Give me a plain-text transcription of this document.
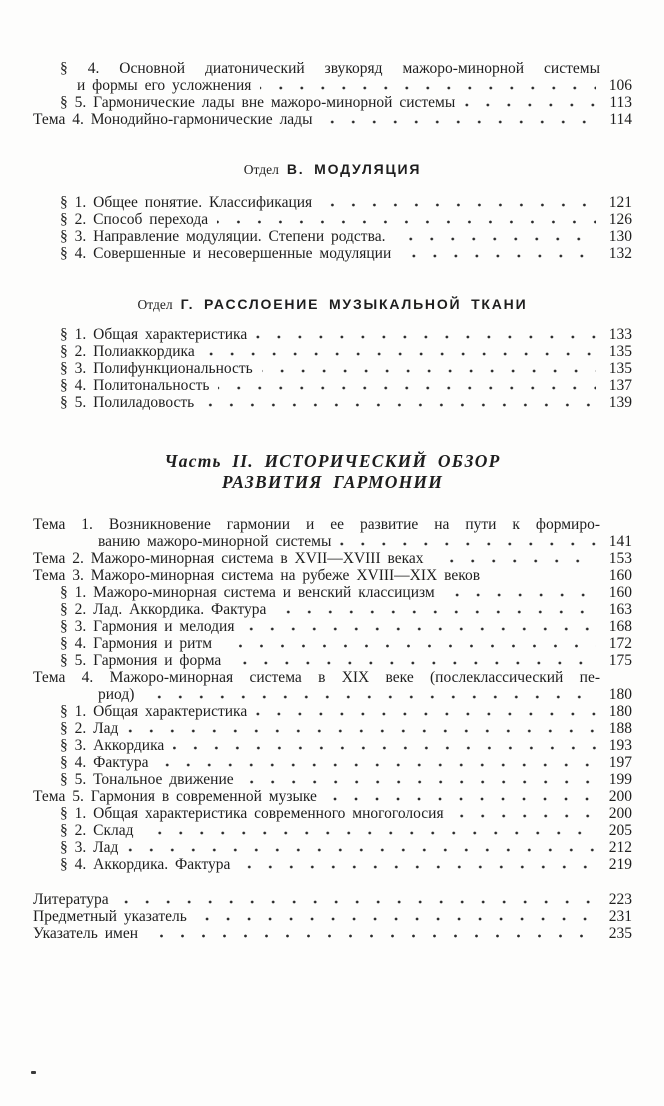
§ 4. Основной диатонический звукоряд мажоро-минорной системы
и формы его усложнения	106
§ 5. Гармонические лады вне мажоро-минорной системы	113
Тема 4. Монодийно-гармонические лады	114
Отдел В. МОДУЛЯЦИЯ
§ 1. Общее понятие. Классификация	121
§ 2. Способ перехода	126
§ 3. Направление модуляции. Степени родства.	130
§ 4. Совершенные и несовершенные модуляции	132
Отдел Г. РАССЛОЕНИЕ МУЗЫКАЛЬНОЙ ТКАНИ
§ 1. Общая характеристика	133
§ 2. Полиаккордика	135
§ 3. Полифункциональность	135
§ 4. Политональность	137
§ 5. Полиладовость	139
Часть II. ИСТОРИЧЕСКИЙ ОБЗОР
РАЗВИТИЯ ГАРМОНИИ
Тема 1. Возникновение гармонии и ее развитие на пути к формиро-
ванию мажоро-минорной системы	141
Тема 2. Мажоро-минорная система в XVII—XVIII веках	153
Тема 3. Мажоро-минорная система на рубеже XVIII—XIX веков	160
§ 1. Мажоро-минорная система и венский классицизм	160
§ 2. Лад. Аккордика. Фактура	163
§ 3. Гармония и мелодия	168
§ 4. Гармония и ритм	172
§ 5. Гармония и форма	175
Тема 4. Мажоро-минорная система в XIX веке (послеклассический пе-
риод)	180
§ 1. Общая характеристика	180
§ 2. Лад	188
§ 3. Аккордика	193
§ 4. Фактура	197
§ 5. Тональное движение	199
Тема 5. Гармония в современной музыке	200
§ 1. Общая характеристика современного многоголосия	200
§ 2. Склад	205
§ 3. Лад	212
§ 4. Аккордика. Фактура	219
Литература	223
Предметный указатель	231
Указатель имен	235
